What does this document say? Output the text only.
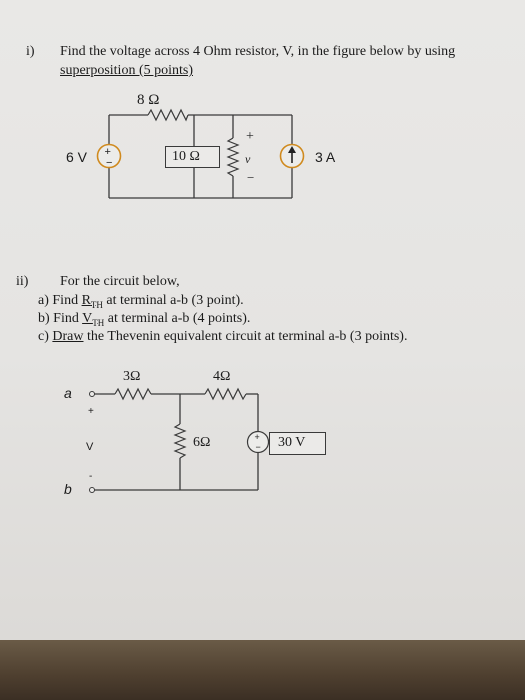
i) Find the voltage across 4 Ohm resistor, V, in the figure below by using
superposition (5 points)
+
−
8 Ω
6 V	10 Ω
+
v
−
3 A
ii) For the circuit below,
a) Find $R_{TH}$ at terminal a-b (3 point).
b) Find $V_{TH}$ at terminal a-b (4 points).
c) Draw the Thevenin equivalent circuit at terminal a-b (3 points).
+
−
3Ω	4Ω
6Ω	30 V
a
b
+
V
-
